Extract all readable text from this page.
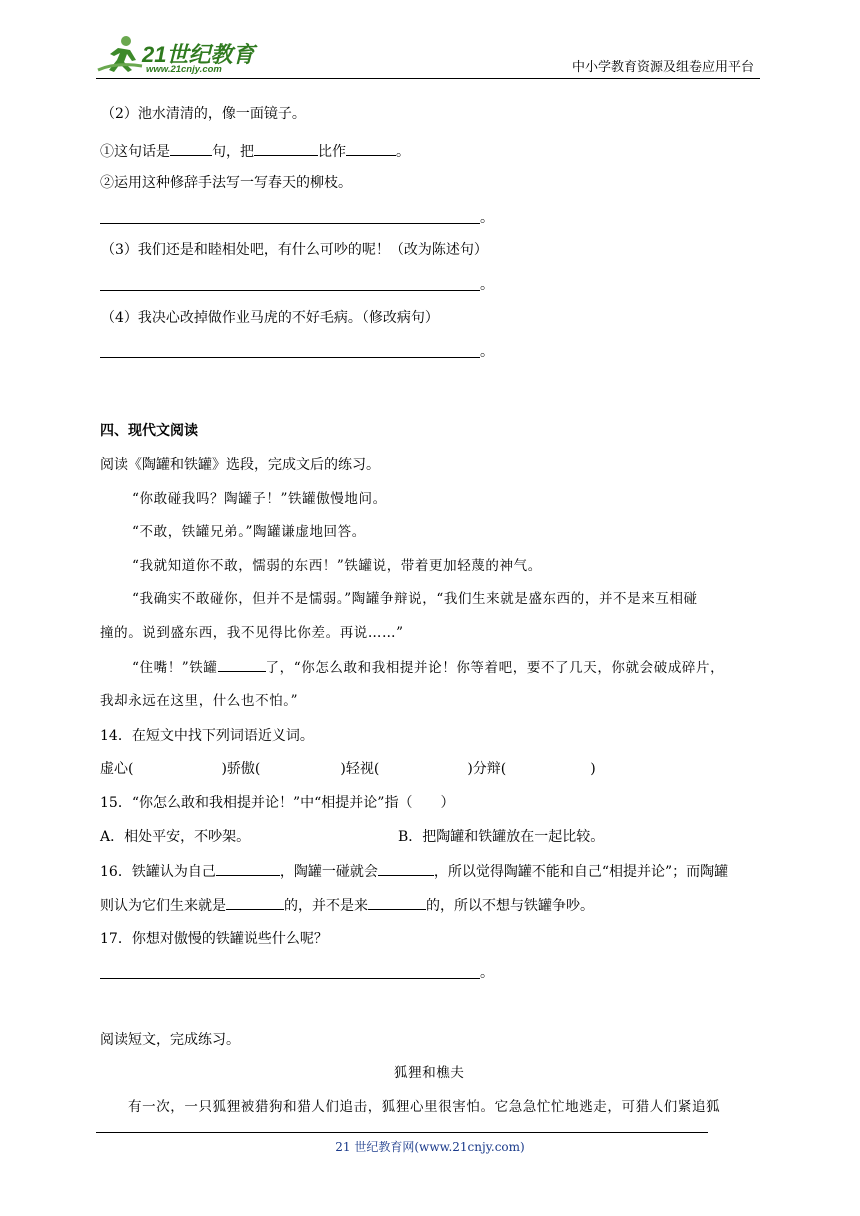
21世纪教育
www.21cnjy.com	中小学教育资源及组卷应用平台
（2）池水清清的，像一面镜子。
①这句话是	句，把	比作	。
②运用这种修辞手法写一写春天的柳枝。
。
（3）我们还是和睦相处吧，有什么可吵的呢！（改为陈述句）
。
（4）我决心改掉做作业马虎的不好毛病。（修改病句）
。
四、现代文阅读
阅读《陶罐和铁罐》选段，完成文后的练习。
“你敢碰我吗？陶罐子！”铁罐傲慢地问。
“不敢，铁罐兄弟。”陶罐谦虚地回答。
“我就知道你不敢，懦弱的东西！”铁罐说，带着更加轻蔑的神气。
“我确实不敢碰你，但并不是懦弱。”陶罐争辩说，“我们生来就是盛东西的，并不是来互相碰
撞的。说到盛东西，我不见得比你差。再说……”
“住嘴！”铁罐	了，“你怎么敢和我相提并论！你等着吧，要不了几天，你就会破成碎片，
我却永远在这里，什么也不怕。”
14．在短文中找下列词语近义词。
虚心(	)骄傲(	)轻视(	)分辩(	)
15．“你怎么敢和我相提并论！”中“相提并论”指（　　）
A．相处平安，不吵架。	B．把陶罐和铁罐放在一起比较。
16．铁罐认为自己	，陶罐一碰就会	，所以觉得陶罐不能和自己“相提并论”；而陶罐
则认为它们生来就是	的，并不是来	的，所以不想与铁罐争吵。
17．你想对傲慢的铁罐说些什么呢？
。
阅读短文，完成练习。
狐狸和樵夫
有一次，一只狐狸被猎狗和猎人们追击，狐狸心里很害怕。它急急忙忙地逃走，可猎人们紧追狐
21 世纪教育网(www.21cnjy.com)
